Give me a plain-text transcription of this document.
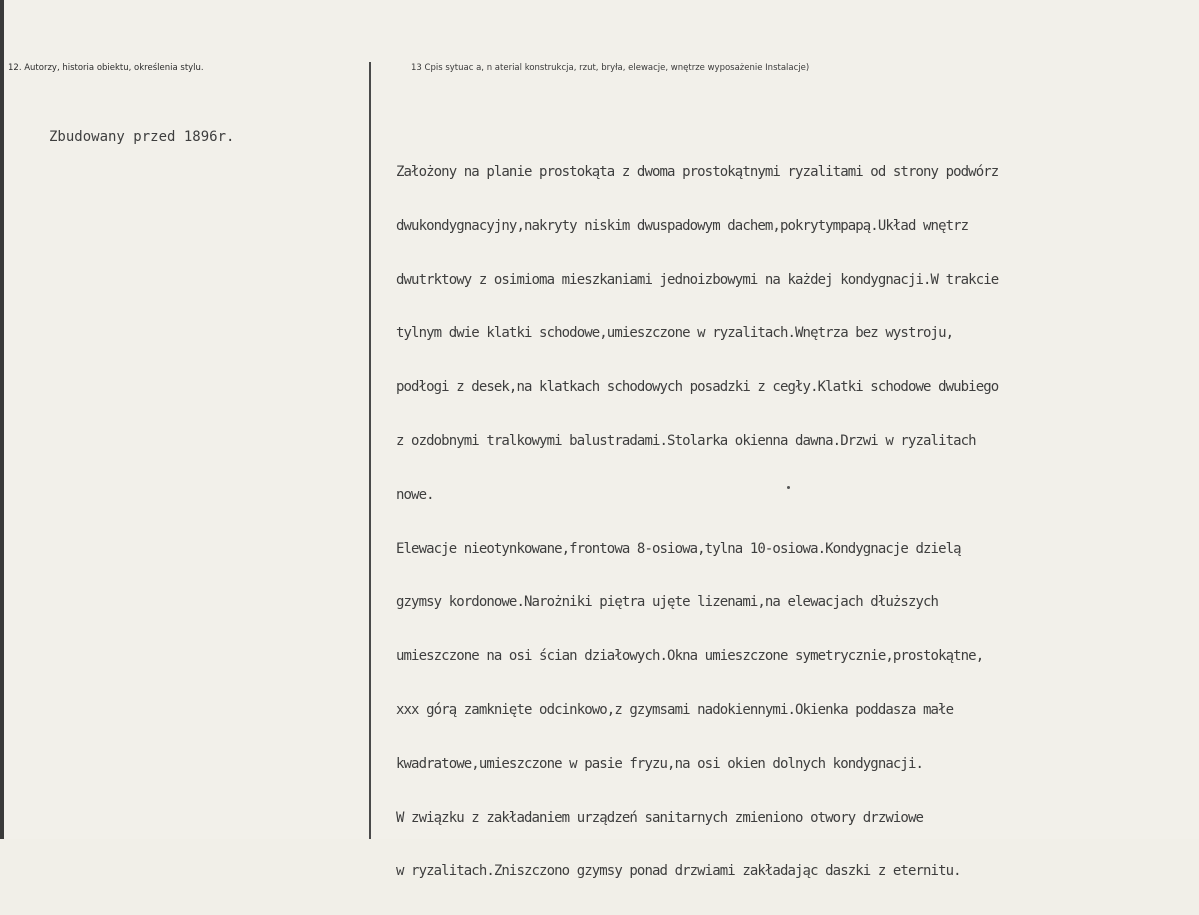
12. Autorzy, historia obiektu, określenia stylu.	13 Cpis sytuac a, n aterial konstrukcja, rzut, bryła, elewacje, wnętrze wyposażenie Instalacje)
Zbudowany przed 1896r.

Założony na planie prostokąta z dwoma prostokątnymi ryzalitami od strony podwórz

dwukondygnacyjny,nakryty niskim dwuspadowym dachem,pokrytympapą.Układ wnętrz

dwutrktowy z osimioma mieszkaniami jednoizbowymi na każdej kondygnacji.W trakcie

tylnym dwie klatki schodowe,umieszczone w ryzalitach.Wnętrza bez wystroju,

podłogi z desek,na klatkach schodowych posadzki z cegły.Klatki schodowe dwubiego

z ozdobnymi tralkowymi balustradami.Stolarka okienna dawna.Drzwi w ryzalitach

nowe.

Elewacje nieotynkowane,frontowa 8-osiowa,tylna 10-osiowa.Kondygnacje dzielą

gzymsy kordonowe.Narożniki piętra ujęte lizenami,na elewacjach dłuższych

umieszczone na osi ścian działowych.Okna umieszczone symetrycznie,prostokątne,

xxx górą zamknięte odcinkowo,z gzymsami nadokiennymi.Okienka poddasza małe

kwadratowe,umieszczone w pasie fryzu,na osi okien dolnych kondygnacji.

W związku z zakładaniem urządzeń sanitarnych zmieniono otwory drzwiowe

w ryzalitach.Zniszczono gzymsy ponad drzwiami zakładając daszki z eternitu.
